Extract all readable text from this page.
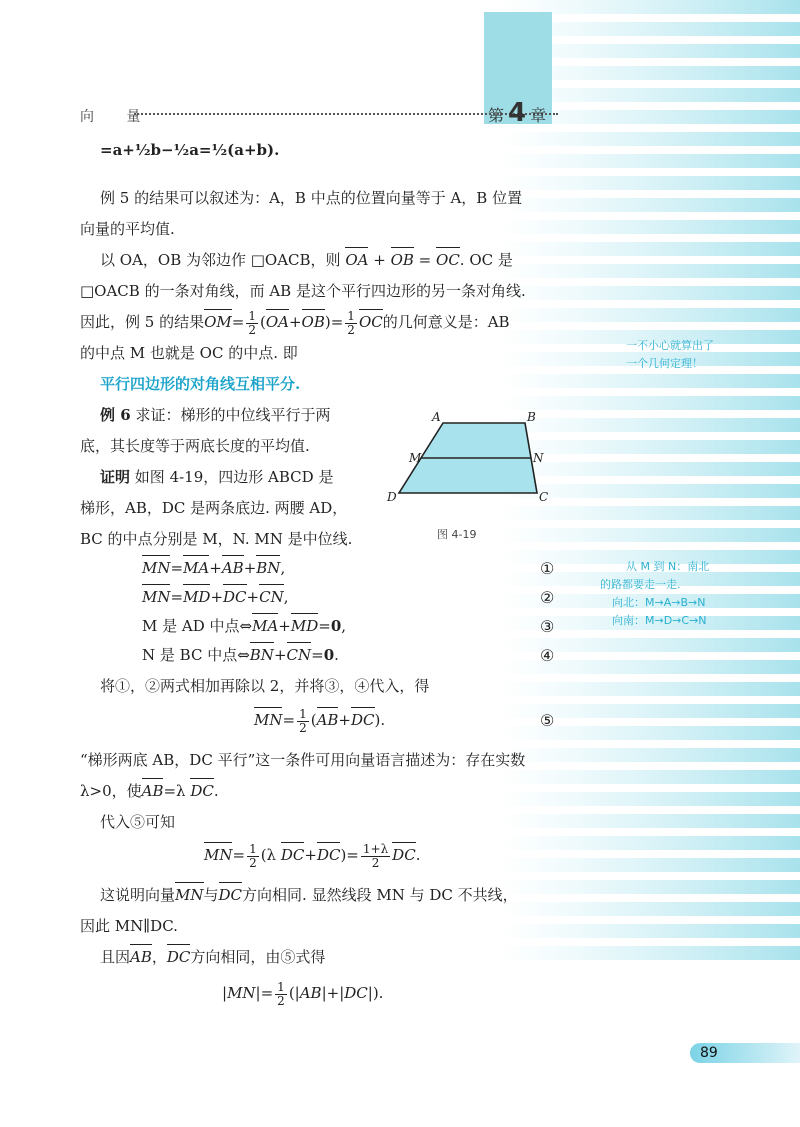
向 量	第 4 章
=a+½b−½a=½(a+b).
例 5 的结果可以叙述为：A，B 中点的位置向量等于 A，B 位置
向量的平均值.
以 OA，OB 为邻边作 □OACB，则 OA + OB = OC. OC 是
□OACB 的一条对角线，而 AB 是这个平行四边形的另一条对角线.
因此，例 5 的结果$OM= \frac{1}{2} (OA+OB)= \frac{1}{2}$ OC的几何意义是：AB
的中点 M 也就是 OC 的中点. 即
平行四边形的对角线互相平分.
例 6 求证：梯形的中位线平行于两
底，其长度等于两底长度的平均值.
证明 如图 4-19，四边形 ABCD 是
梯形，AB，DC 是两条底边. 两腰 AD，
BC 的中点分别是 M，N. MN 是中位线.
MN=MA+AB+BN,	①
MN=MD+DC+CN,	②
M 是 AD 中点⇔MA+MD=0,	③
N 是 BC 中点⇔BN+CN=0.	④
将①，②两式相加再除以 2，并将③，④代入，得
$MN= \frac{1}{2} (AB+DC)$.	⑤
“梯形两底 AB，DC 平行”这一条件可用向量语言描述为：存在实数
λ>0，使AB=λ DC.
代入⑤可知
$MN= \frac{1}{2} (\lambda$ $DC+DC)= \frac{1+\lambda}{2}$ DC.
这说明向量MN与DC方向相同. 显然线段 MN 与 DC 不共线，
因此 MN∥DC.
且因AB，DC方向相同，由⑤式得
$|MN|= \frac{1}{2} (|AB|+|DC|)$.
A	B
M	N
D	C
图 4-19
一不小心就算出了
一个几何定理！
从 M 到 N：南北
的路都要走一走.
向北：M→A→B→N
向南：M→D→C→N
89
